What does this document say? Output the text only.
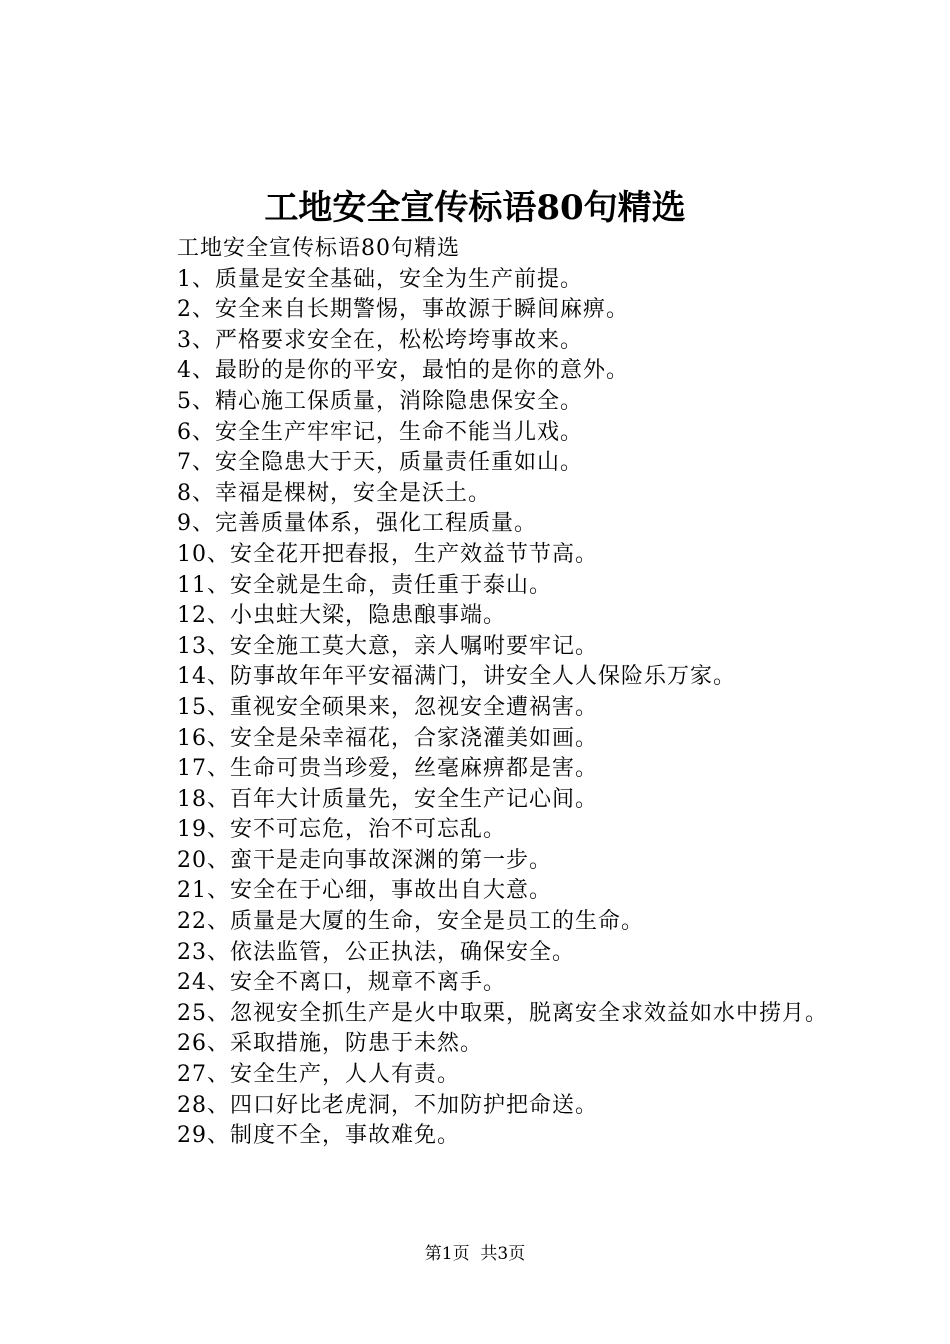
工地安全宣传标语80句精选
工地安全宣传标语80句精选
1、质量是安全基础，安全为生产前提。
2、安全来自长期警惕，事故源于瞬间麻痹。
3、严格要求安全在，松松垮垮事故来。
4、最盼的是你的平安，最怕的是你的意外。
5、精心施工保质量，消除隐患保安全。
6、安全生产牢牢记，生命不能当儿戏。
7、安全隐患大于天，质量责任重如山。
8、幸福是棵树，安全是沃土。
9、完善质量体系，强化工程质量。
10、安全花开把春报，生产效益节节高。
11、安全就是生命，责任重于泰山。
12、小虫蛀大梁，隐患酿事端。
13、安全施工莫大意，亲人嘱咐要牢记。
14、防事故年年平安福满门，讲安全人人保险乐万家。
15、重视安全硕果来，忽视安全遭祸害。
16、安全是朵幸福花，合家浇灌美如画。
17、生命可贵当珍爱，丝毫麻痹都是害。
18、百年大计质量先，安全生产记心间。
19、安不可忘危，治不可忘乱。
20、蛮干是走向事故深渊的第一步。
21、安全在于心细，事故出自大意。
22、质量是大厦的生命，安全是员工的生命。
23、依法监管，公正执法，确保安全。
24、安全不离口，规章不离手。
25、忽视安全抓生产是火中取栗，脱离安全求效益如水中捞月。
26、采取措施，防患于未然。
27、安全生产，人人有责。
28、四口好比老虎洞，不加防护把命送。
29、制度不全，事故难免。
第1页 共3页
